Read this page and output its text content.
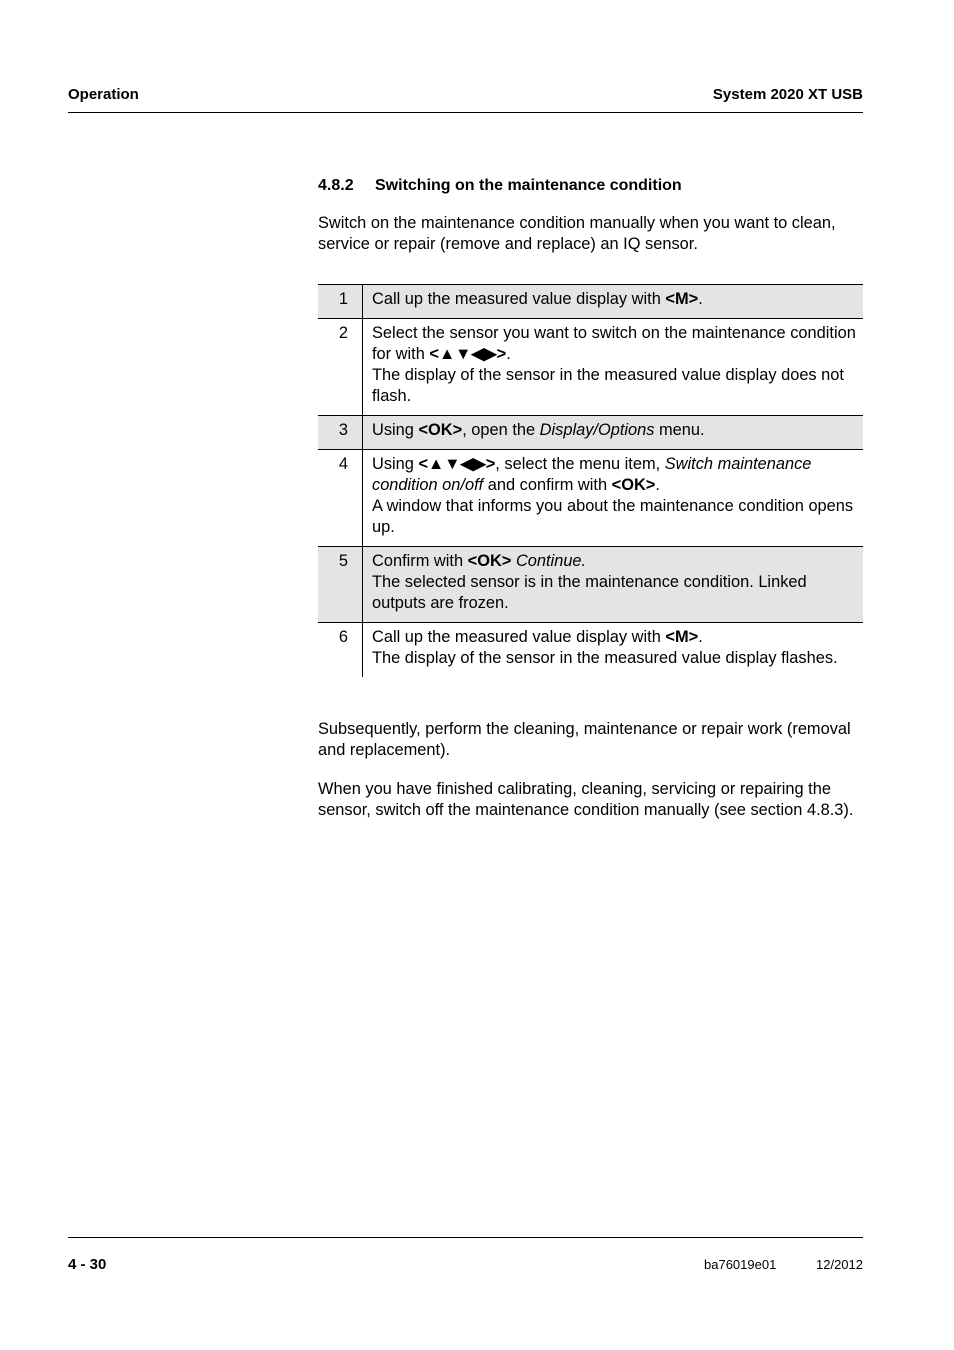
Operation	System 2020 XT USB
4.8.2 Switching on the maintenance condition
Switch on the maintenance condition manually when you want to clean, service or repair (remove and replace) an IQ sensor.
1	Call up the measured value display with <M>.
2	Select the sensor you want to switch on the maintenance condition for with <▲▼◀▶>.
The display of the sensor in the measured value display does not flash.
3	Using <OK>, open the Display/Options menu.
4	Using <▲▼◀▶>, select the menu item, Switch maintenance condition on/off and confirm with <OK>.
A window that informs you about the maintenance condition opens up.
5	Confirm with <OK> Continue.
The selected sensor is in the maintenance condition. Linked outputs are frozen.
6	Call up the measured value display with <M>.
The display of the sensor in the measured value display flashes.
Subsequently, perform the cleaning, maintenance or repair work (removal and replacement).
When you have finished calibrating, cleaning, servicing or repairing the sensor, switch off the maintenance condition manually (see section 4.8.3).
4 - 30	ba76019e01	12/2012
